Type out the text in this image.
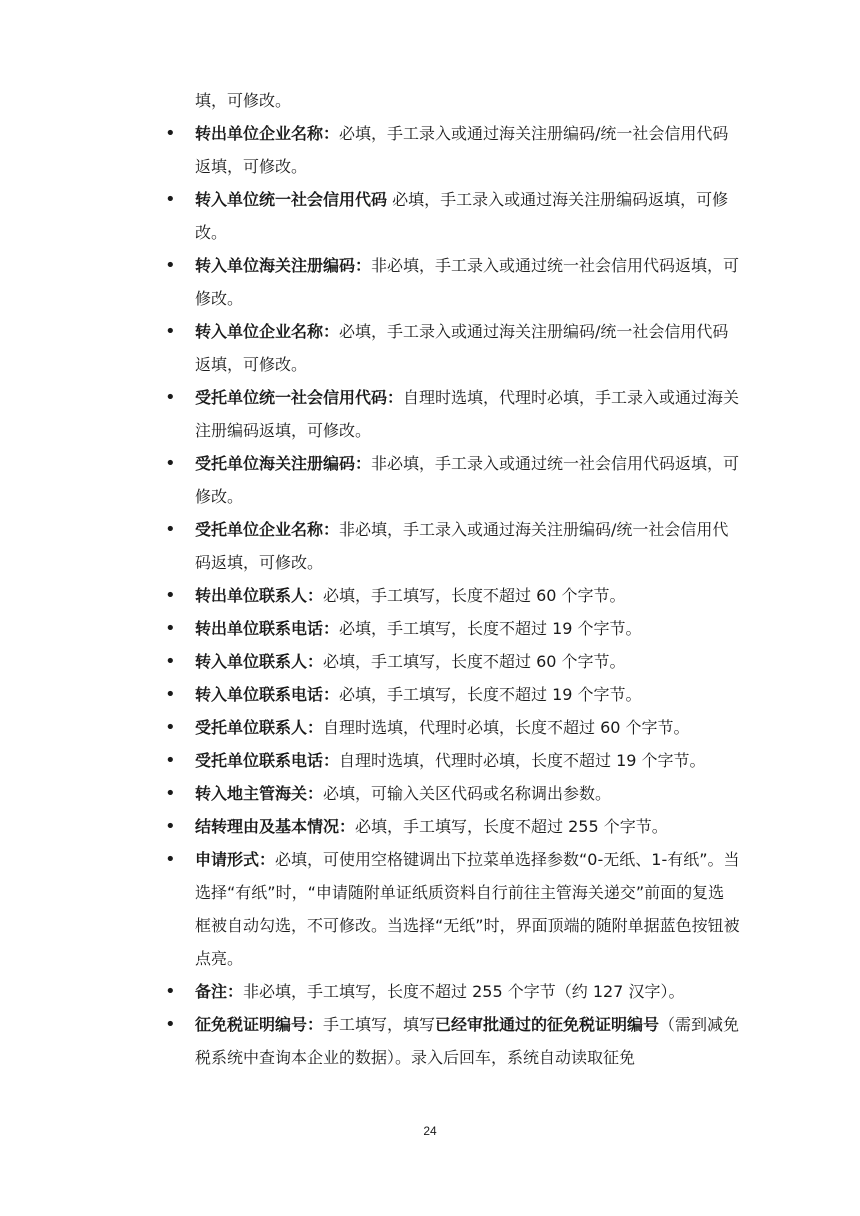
填，可修改。

• 转出单位企业名称：必填，手工录入或通过海关注册编码/统一社会信用代码返填，可修改。
• 转入单位统一社会信用代码 必填，手工录入或通过海关注册编码返填，可修改。
• 转入单位海关注册编码：非必填，手工录入或通过统一社会信用代码返填，可修改。
• 转入单位企业名称：必填，手工录入或通过海关注册编码/统一社会信用代码返填，可修改。
• 受托单位统一社会信用代码：自理时选填，代理时必填，手工录入或通过海关注册编码返填，可修改。
• 受托单位海关注册编码：非必填，手工录入或通过统一社会信用代码返填，可修改。
• 受托单位企业名称：非必填，手工录入或通过海关注册编码/统一社会信用代码返填，可修改。
• 转出单位联系人：必填，手工填写，长度不超过 60 个字节。
• 转出单位联系电话：必填，手工填写，长度不超过 19 个字节。
• 转入单位联系人：必填，手工填写，长度不超过 60 个字节。
• 转入单位联系电话：必填，手工填写，长度不超过 19 个字节。
• 受托单位联系人：自理时选填，代理时必填，长度不超过 60 个字节。
• 受托单位联系电话：自理时选填，代理时必填，长度不超过 19 个字节。
• 转入地主管海关：必填，可输入关区代码或名称调出参数。
• 结转理由及基本情况：必填，手工填写，长度不超过 255 个字节。
• 申请形式：必填，可使用空格键调出下拉菜单选择参数“0-无纸、1-有纸”。当选择“有纸”时，“申请随附单证纸质资料自行前往主管海关递交”前面的复选框被自动勾选，不可修改。当选择“无纸”时，界面顶端的随附单据蓝色按钮被点亮。
• 备注：非必填，手工填写，长度不超过 255 个字节（约 127 汉字）。
• 征免税证明编号：手工填写，填写已经审批通过的征免税证明编号（需到减免税系统中查询本企业的数据）。录入后回车，系统自动读取征免
24
